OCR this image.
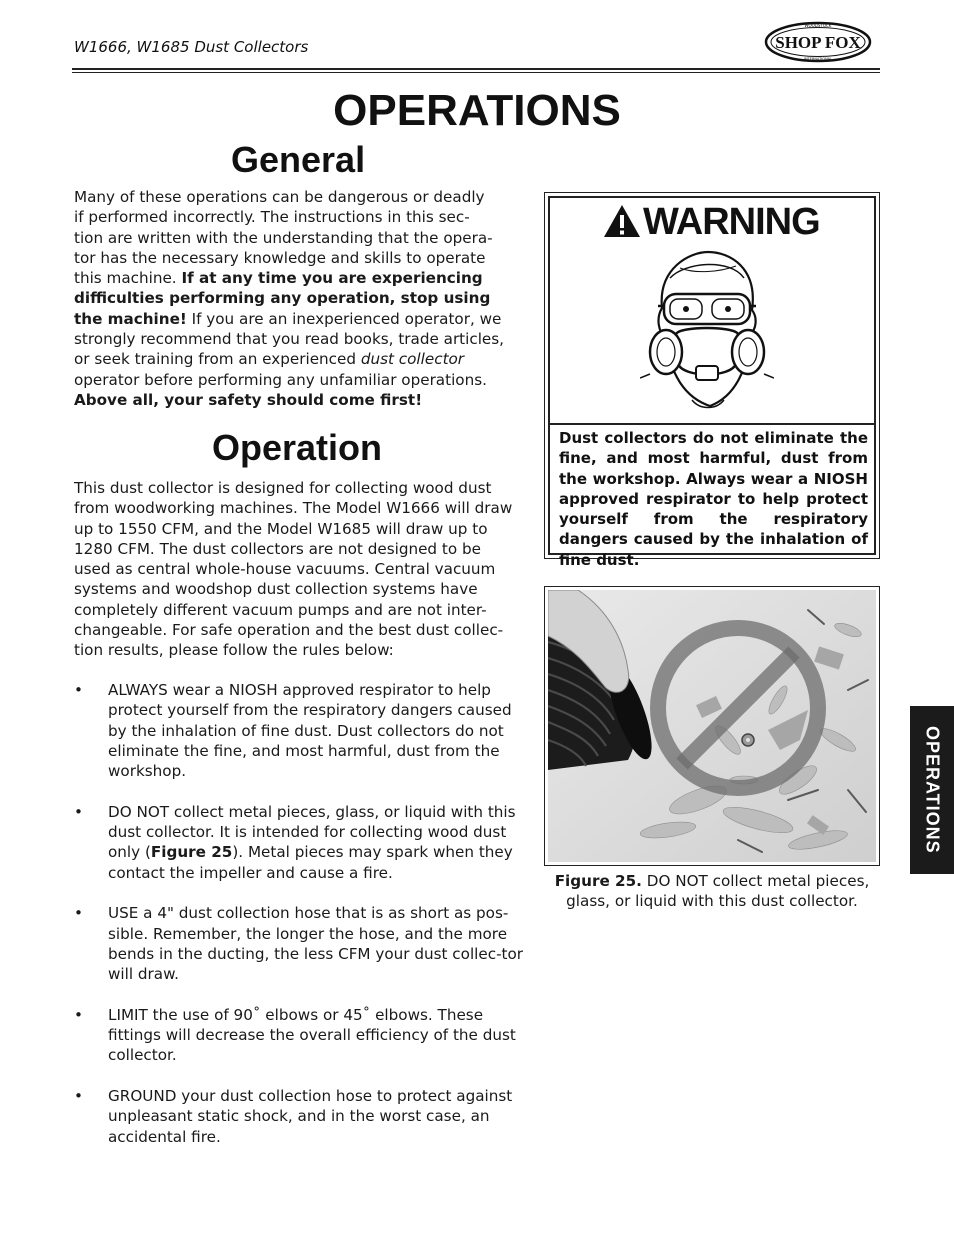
W1666, W1685 Dust Collectors	SHOP FOX
WOODSTOCK
INTERNATIONAL
OPERATIONS
General
Many of these operations can be dangerous or deadly
if performed incorrectly. The instructions in this sec-
tion are written with the understanding that the opera-
tor has the necessary knowledge and skills to operate
this machine. If at any time you are experiencing difficulties performing any operation, stop using the machine! If you are an inexperienced operator, we strongly recommend that you read books, trade articles, or seek training from an experienced dust collector operator before performing any unfamiliar operations. Above all, your safety should come first!
Operation
This dust collector is designed for collecting wood dust from woodworking machines. The Model W1666 will draw up to 1550 CFM, and the Model W1685 will draw up to 1280 CFM. The dust collectors are not designed to be used as central whole-house vacuums. Central vacuum systems and woodshop dust collection systems have completely different vacuum pumps and are not inter-changeable. For safe operation and the best dust collec-tion results, please follow the rules below:
• ALWAYS wear a NIOSH approved respirator to help protect yourself from the respiratory dangers caused by the inhalation of fine dust. Dust collectors do not eliminate the fine, and most harmful, dust from the workshop.
• DO NOT collect metal pieces, glass, or liquid with this dust collector. It is intended for collecting wood dust only (Figure 25). Metal pieces may spark when they contact the impeller and cause a fire.
• USE a 4" dust collection hose that is as short as pos-sible. Remember, the longer the hose, and the more bends in the ducting, the less CFM your dust collec-tor will draw.
• LIMIT the use of 90˚ elbows or 45˚ elbows. These fittings will decrease the overall efficiency of the dust collector.
• GROUND your dust collection hose to protect against unpleasant static shock, and in the worst case, an accidental fire.
WARNING
Dust collectors do not eliminate the fine, and most harmful, dust from the workshop. Always wear a NIOSH approved respirator to help protect yourself from the respiratory dangers caused by the inhalation of fine dust.
Figure 25. DO NOT collect metal pieces, glass, or liquid with this dust collector.
OPERATIONS
